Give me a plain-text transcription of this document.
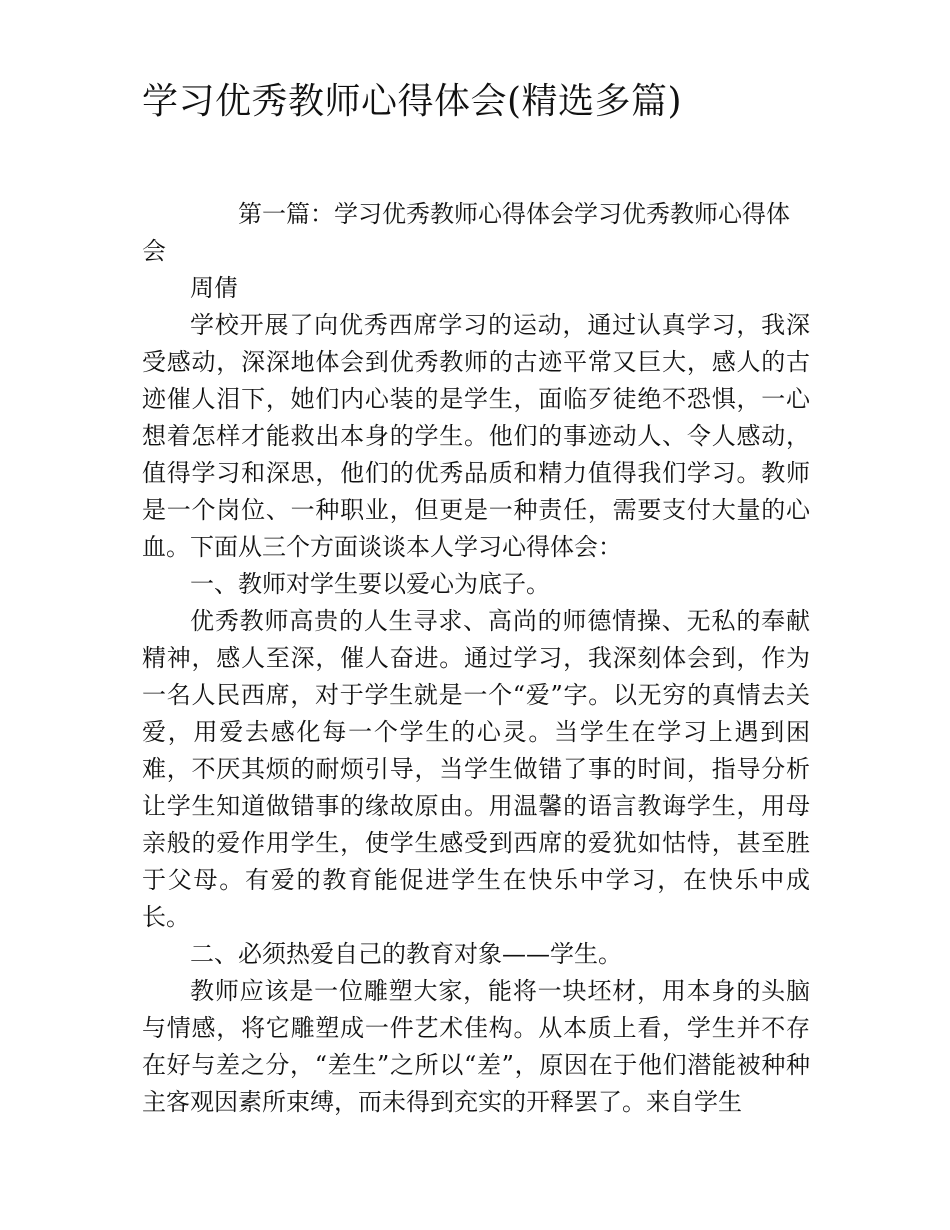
学习优秀教师心得体会(精选多篇)
第一篇：学习优秀教师心得体会学习优秀教师心得体会

周倩

学校开展了向优秀西席学习的运动，通过认真学习，我深受感动，深深地体会到优秀教师的古迹平常又巨大，感人的古迹催人泪下，她们内心装的是学生，面临歹徒绝不恐惧，一心想着怎样才能救出本身的学生。他们的事迹动人、令人感动，值得学习和深思，他们的优秀品质和精力值得我们学习。教师是一个岗位、一种职业，但更是一种责任，需要支付大量的心血。下面从三个方面谈谈本人学习心得体会：

一、教师对学生要以爱心为底子。

优秀教师高贵的人生寻求、高尚的师德情操、无私的奉献精神，感人至深，催人奋进。通过学习，我深刻体会到，作为一名人民西席，对于学生就是一个“爱”字。以无穷的真情去关爱，用爱去感化每一个学生的心灵。当学生在学习上遇到困难，不厌其烦的耐烦引导，当学生做错了事的时间，指导分析让学生知道做错事的缘故原由。用温馨的语言教诲学生，用母亲般的爱作用学生，使学生感受到西席的爱犹如怙恃，甚至胜于父母。有爱的教育能促进学生在快乐中学习，在快乐中成长。

二、必须热爱自己的教育对象——学生。

教师应该是一位雕塑大家，能将一块坯材，用本身的头脑与情感，将它雕塑成一件艺术佳构。从本质上看，学生并不存在好与差之分，“差生”之所以“差”，原因在于他们潜能被种种主客观因素所束缚，而未得到充实的开释罢了。来自学生
